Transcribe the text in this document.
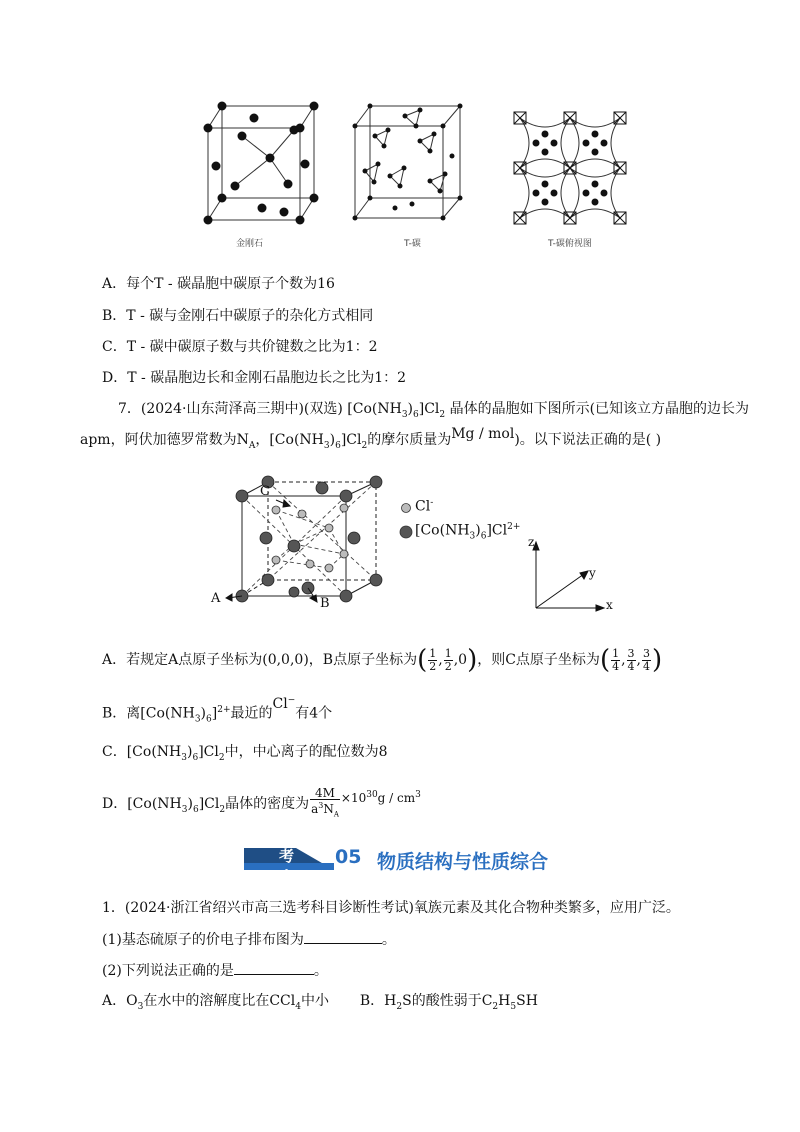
金刚石	T-碳	T-碳俯视图
A．每个T - 碳晶胞中碳原子个数为16
B．T - 碳与金刚石中碳原子的杂化方式相同
C．T - 碳中碳原子数与共价键数之比为1：2
D．T - 碳晶胞边长和金刚石晶胞边长之比为1：2
7．(2024·山东菏泽高三期中)(双选) $[Co(NH_3)_6]Cl_2$ 晶体的晶胞如下图所示(已知该立方晶胞的边长为
apm，阿伏加德罗常数为$N_A$，$[Co(NH_3)_6]Cl_2$的摩尔质量为Mg / mol)。以下说法正确的是( )
C
A	B
Cl-
$[Co(NH_3)_6]Cl^{2+}$
z
y
x
A．若规定A点原子坐标为(0,0,0)，B点原子坐标为( $\frac{1}{2}$ , $\frac{1}{2} ,0$)，则C点原子坐标为( $\frac{1}{4}$ , $\frac{3}{4}$ , $\frac{3}{4}$ )
B．离$[Co(NH_3)_6]^{2+}$最近的Cl−有4个
C．$[Co(NH_3)_6]Cl_2$中，中心离子的配位数为8
D．$[Co(NH_3)_6]Cl_2$晶体的密度为 $\frac{4M}{a^3N_A} \times 10^{30}g / cm^3$
考点
05 物质结构与性质综合
1．(2024·浙江省绍兴市高三选考科目诊断性考试)氧族元素及其化合物种类繁多，应用广泛。
(1)基态硫原子的价电子排布图为	。
(2)下列说法正确的是	。
A．$O_3$在水中的溶解度比在CCl$_4$中小 B．$H_2S$的酸性弱于$C_2H_5SH$
